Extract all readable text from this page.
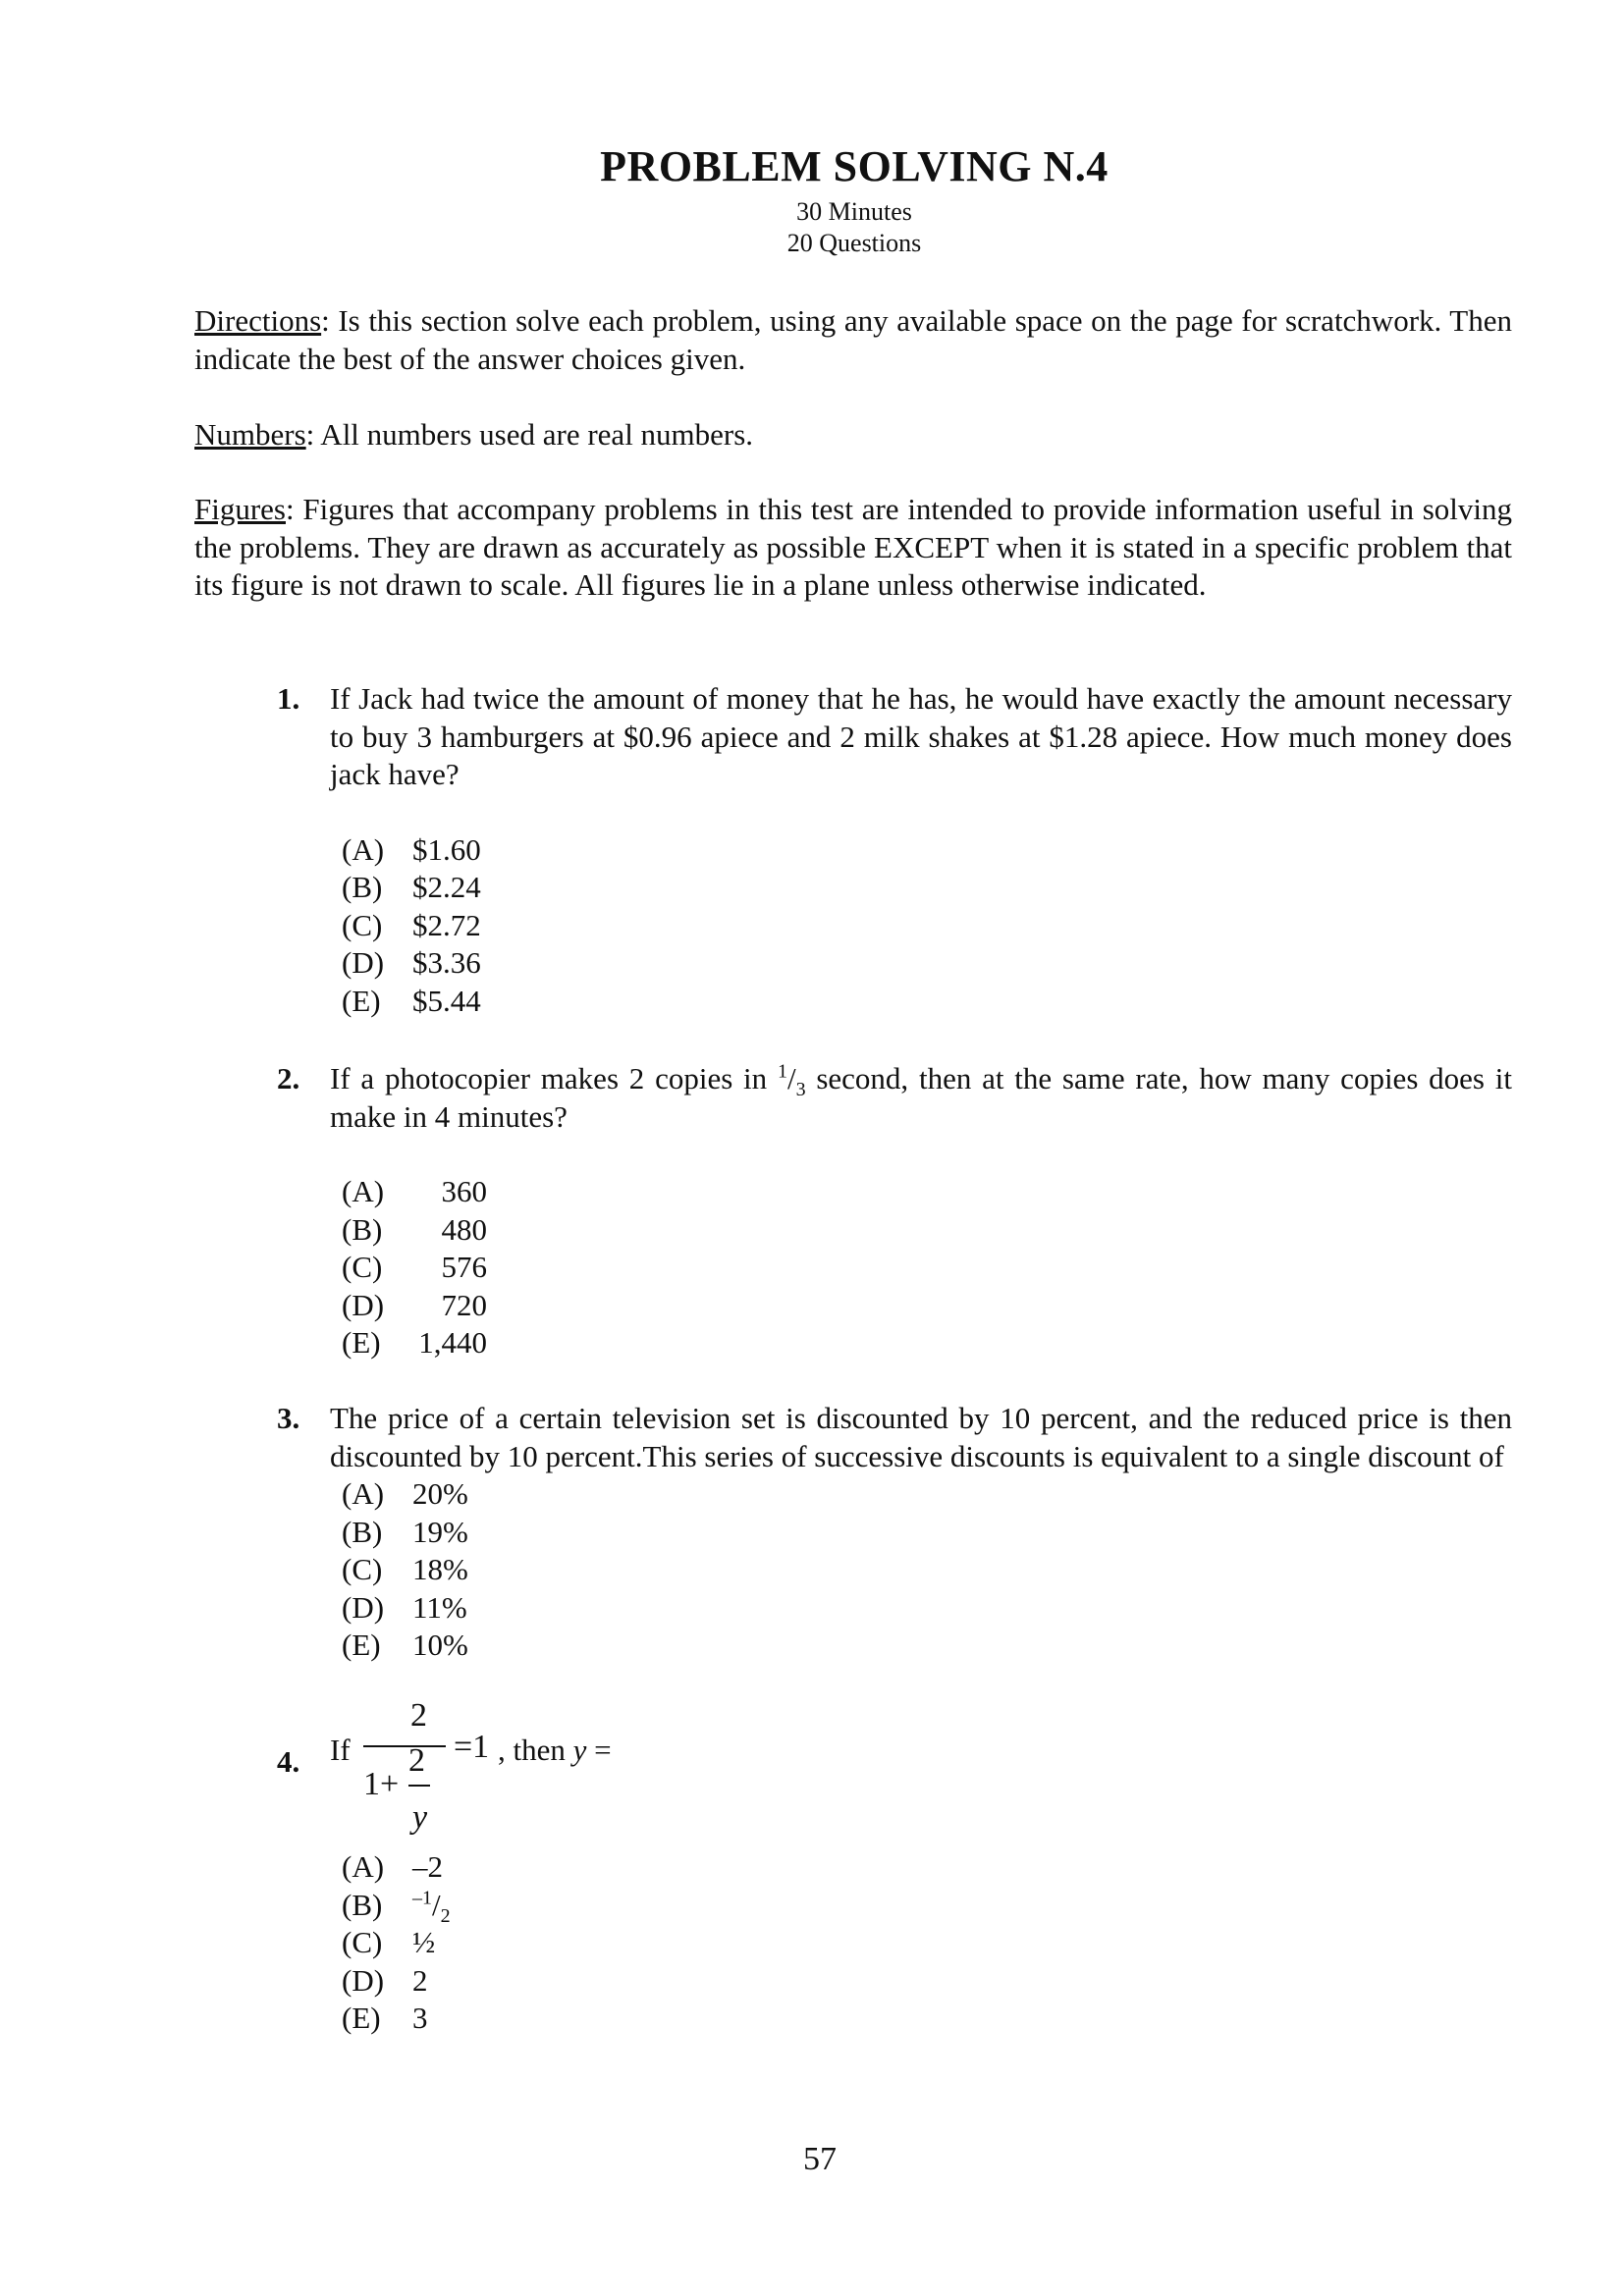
PROBLEM SOLVING N.4
30 Minutes
20 Questions
Directions: Is this section solve each problem, using any available space on the page for scratchwork. Then indicate the best of the answer choices given.
Numbers: All numbers used are real numbers.
Figures: Figures that accompany problems in this test are intended to provide information useful in solving the problems. They are drawn as accurately as possible EXCEPT when it is stated in a specific problem that its figure is not drawn to scale. All figures lie in a plane unless otherwise indicated.
1. If Jack had twice the amount of money that he has, he would have exactly the amount necessary to buy 3 hamburgers at $0.96 apiece and 2 milk shakes at $1.28 apiece. How much money does jack have?
(A) $1.60
(B) $2.24
(C) $2.72
(D) $3.36
(E) $5.44
2. If a photocopier makes 2 copies in $^1/_3$ second, then at the same rate, how many copies does it make in 4 minutes?
(A) 360
(B) 480
(C) 576
(D) 720
(E) 1,440
3. The price of a certain television set is discounted by 10 percent, and the reduced price is then discounted by 10 percent.This series of successive discounts is equivalent to a single discount of
(A) 20%
(B) 19%
(C) 18%
(D) 11%
(E) 10%
4. If
2
=1 , then y =
1+
2
y
(A) –2
(B) $^{-1}/_2$
(C) ½
(D) 2
(E) 3
57
